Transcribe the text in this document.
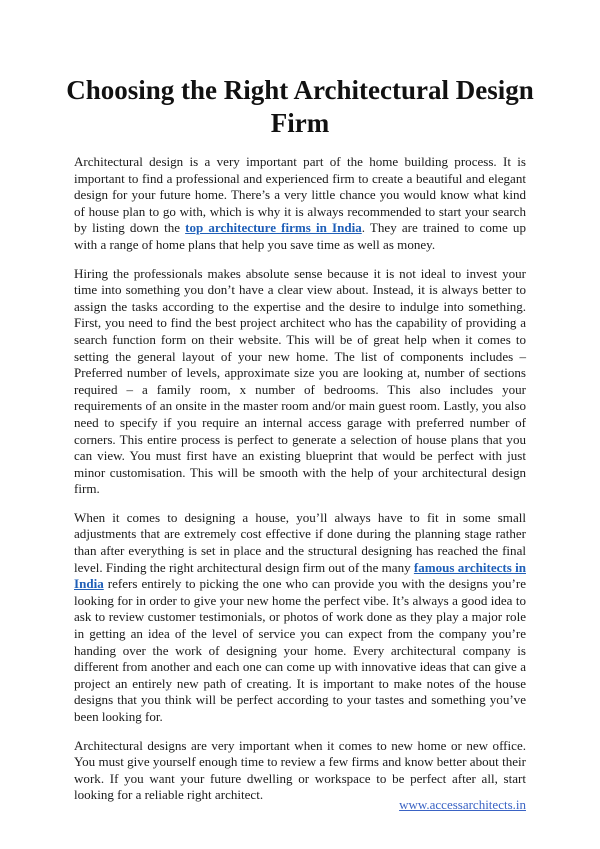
Choosing the Right Architectural Design Firm

Architectural design is a very important part of the home building process. It is important to find a professional and experienced firm to create a beautiful and elegant design for your future home. There’s a very little chance you would know what kind of house plan to go with, which is why it is always recommended to start your search by listing down the top architecture firms in India. They are trained to come up with a range of home plans that help you save time as well as money.

Hiring the professionals makes absolute sense because it is not ideal to invest your time into something you don’t have a clear view about. Instead, it is always better to assign the tasks according to the expertise and the desire to indulge into something. First, you need to find the best project architect who has the capability of providing a search function form on their website. This will be of great help when it comes to setting the general layout of your new home. The list of components includes – Preferred number of levels, approximate size you are looking at, number of sections required – a family room, x number of bedrooms. This also includes your requirements of an onsite in the master room and/or main guest room. Lastly, you also need to specify if you require an internal access garage with preferred number of corners. This entire process is perfect to generate a selection of house plans that you can view. You must first have an existing blueprint that would be perfect with just minor customisation. This will be smooth with the help of your architectural design firm.

When it comes to designing a house, you’ll always have to fit in some small adjustments that are extremely cost effective if done during the planning stage rather than after everything is set in place and the structural designing has reached the final level. Finding the right architectural design firm out of the many famous architects in India refers entirely to picking the one who can provide you with the designs you’re looking for in order to give your new home the perfect vibe. It’s always a good idea to ask to review customer testimonials, or photos of work done as they play a major role in getting an idea of the level of service you can expect from the company you’re handing over the work of designing your home. Every architectural company is different from another and each one can come up with innovative ideas that can give a project an entirely new path of creating. It is important to make notes of the house designs that you think will be perfect according to your tastes and something you’ve been looking for.

Architectural designs are very important when it comes to new home or new office. You must give yourself enough time to review a few firms and know better about their work. If you want your future dwelling or workspace to be perfect after all, start looking for a reliable right architect.

www.accessarchitects.in
